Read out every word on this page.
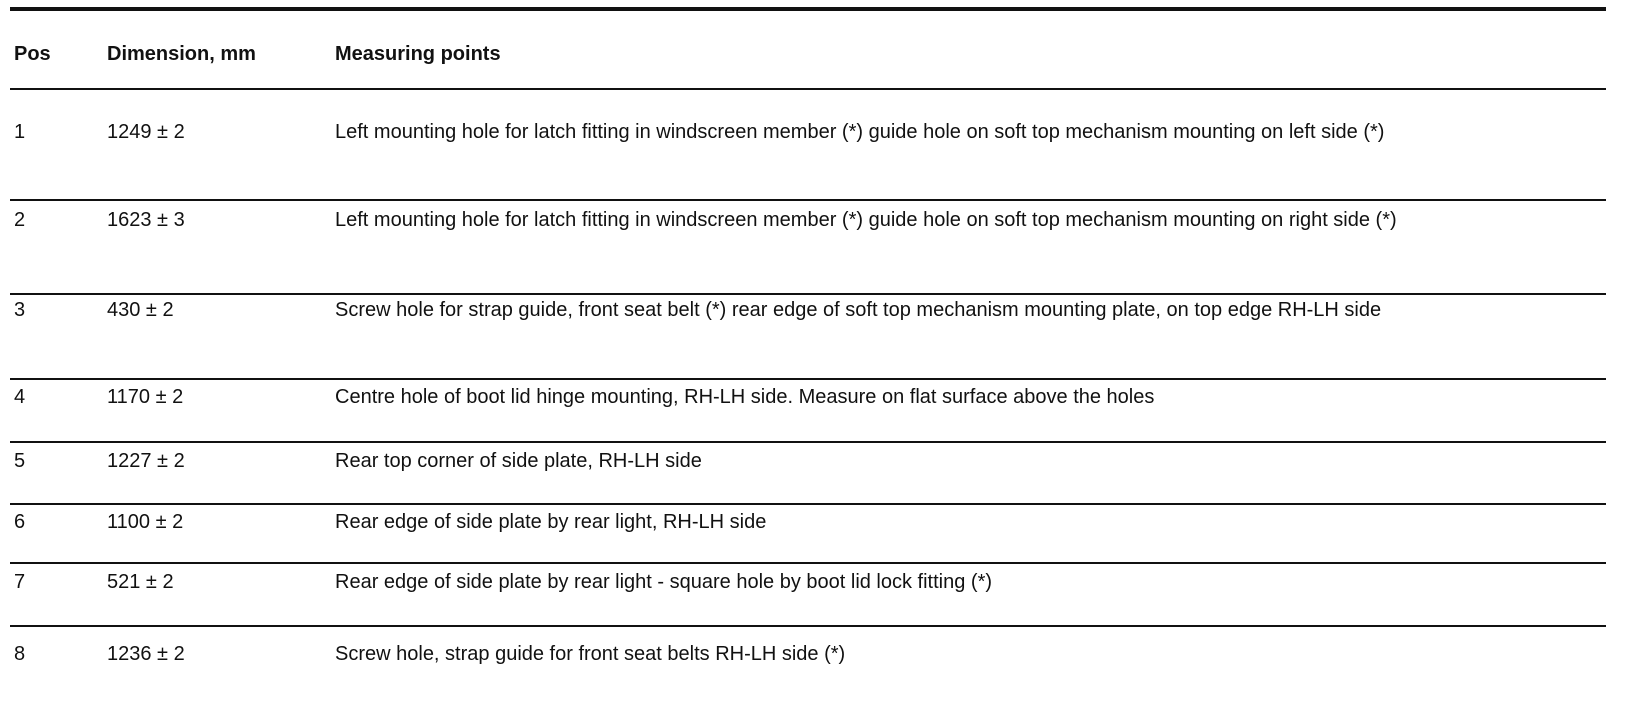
Pos	Dimension, mm	Measuring points
1	1249 ± 2	Left mounting hole for latch fitting in windscreen member (*) guide hole on soft top mechanism mounting on left side (*)
2	1623 ± 3	Left mounting hole for latch fitting in windscreen member (*) guide hole on soft top mechanism mounting on right side (*)
3	430 ± 2	Screw hole for strap guide, front seat belt (*) rear edge of soft top mechanism mounting plate, on top edge RH-LH side
4	1170 ± 2	Centre hole of boot lid hinge mounting, RH-LH side. Measure on flat surface above the holes
5	1227 ± 2	Rear top corner of side plate, RH-LH side
6	1100 ± 2	Rear edge of side plate by rear light, RH-LH side
7	521 ± 2	Rear edge of side plate by rear light - square hole by boot lid lock fitting (*)
8	1236 ± 2	Screw hole, strap guide for front seat belts RH-LH side (*)
